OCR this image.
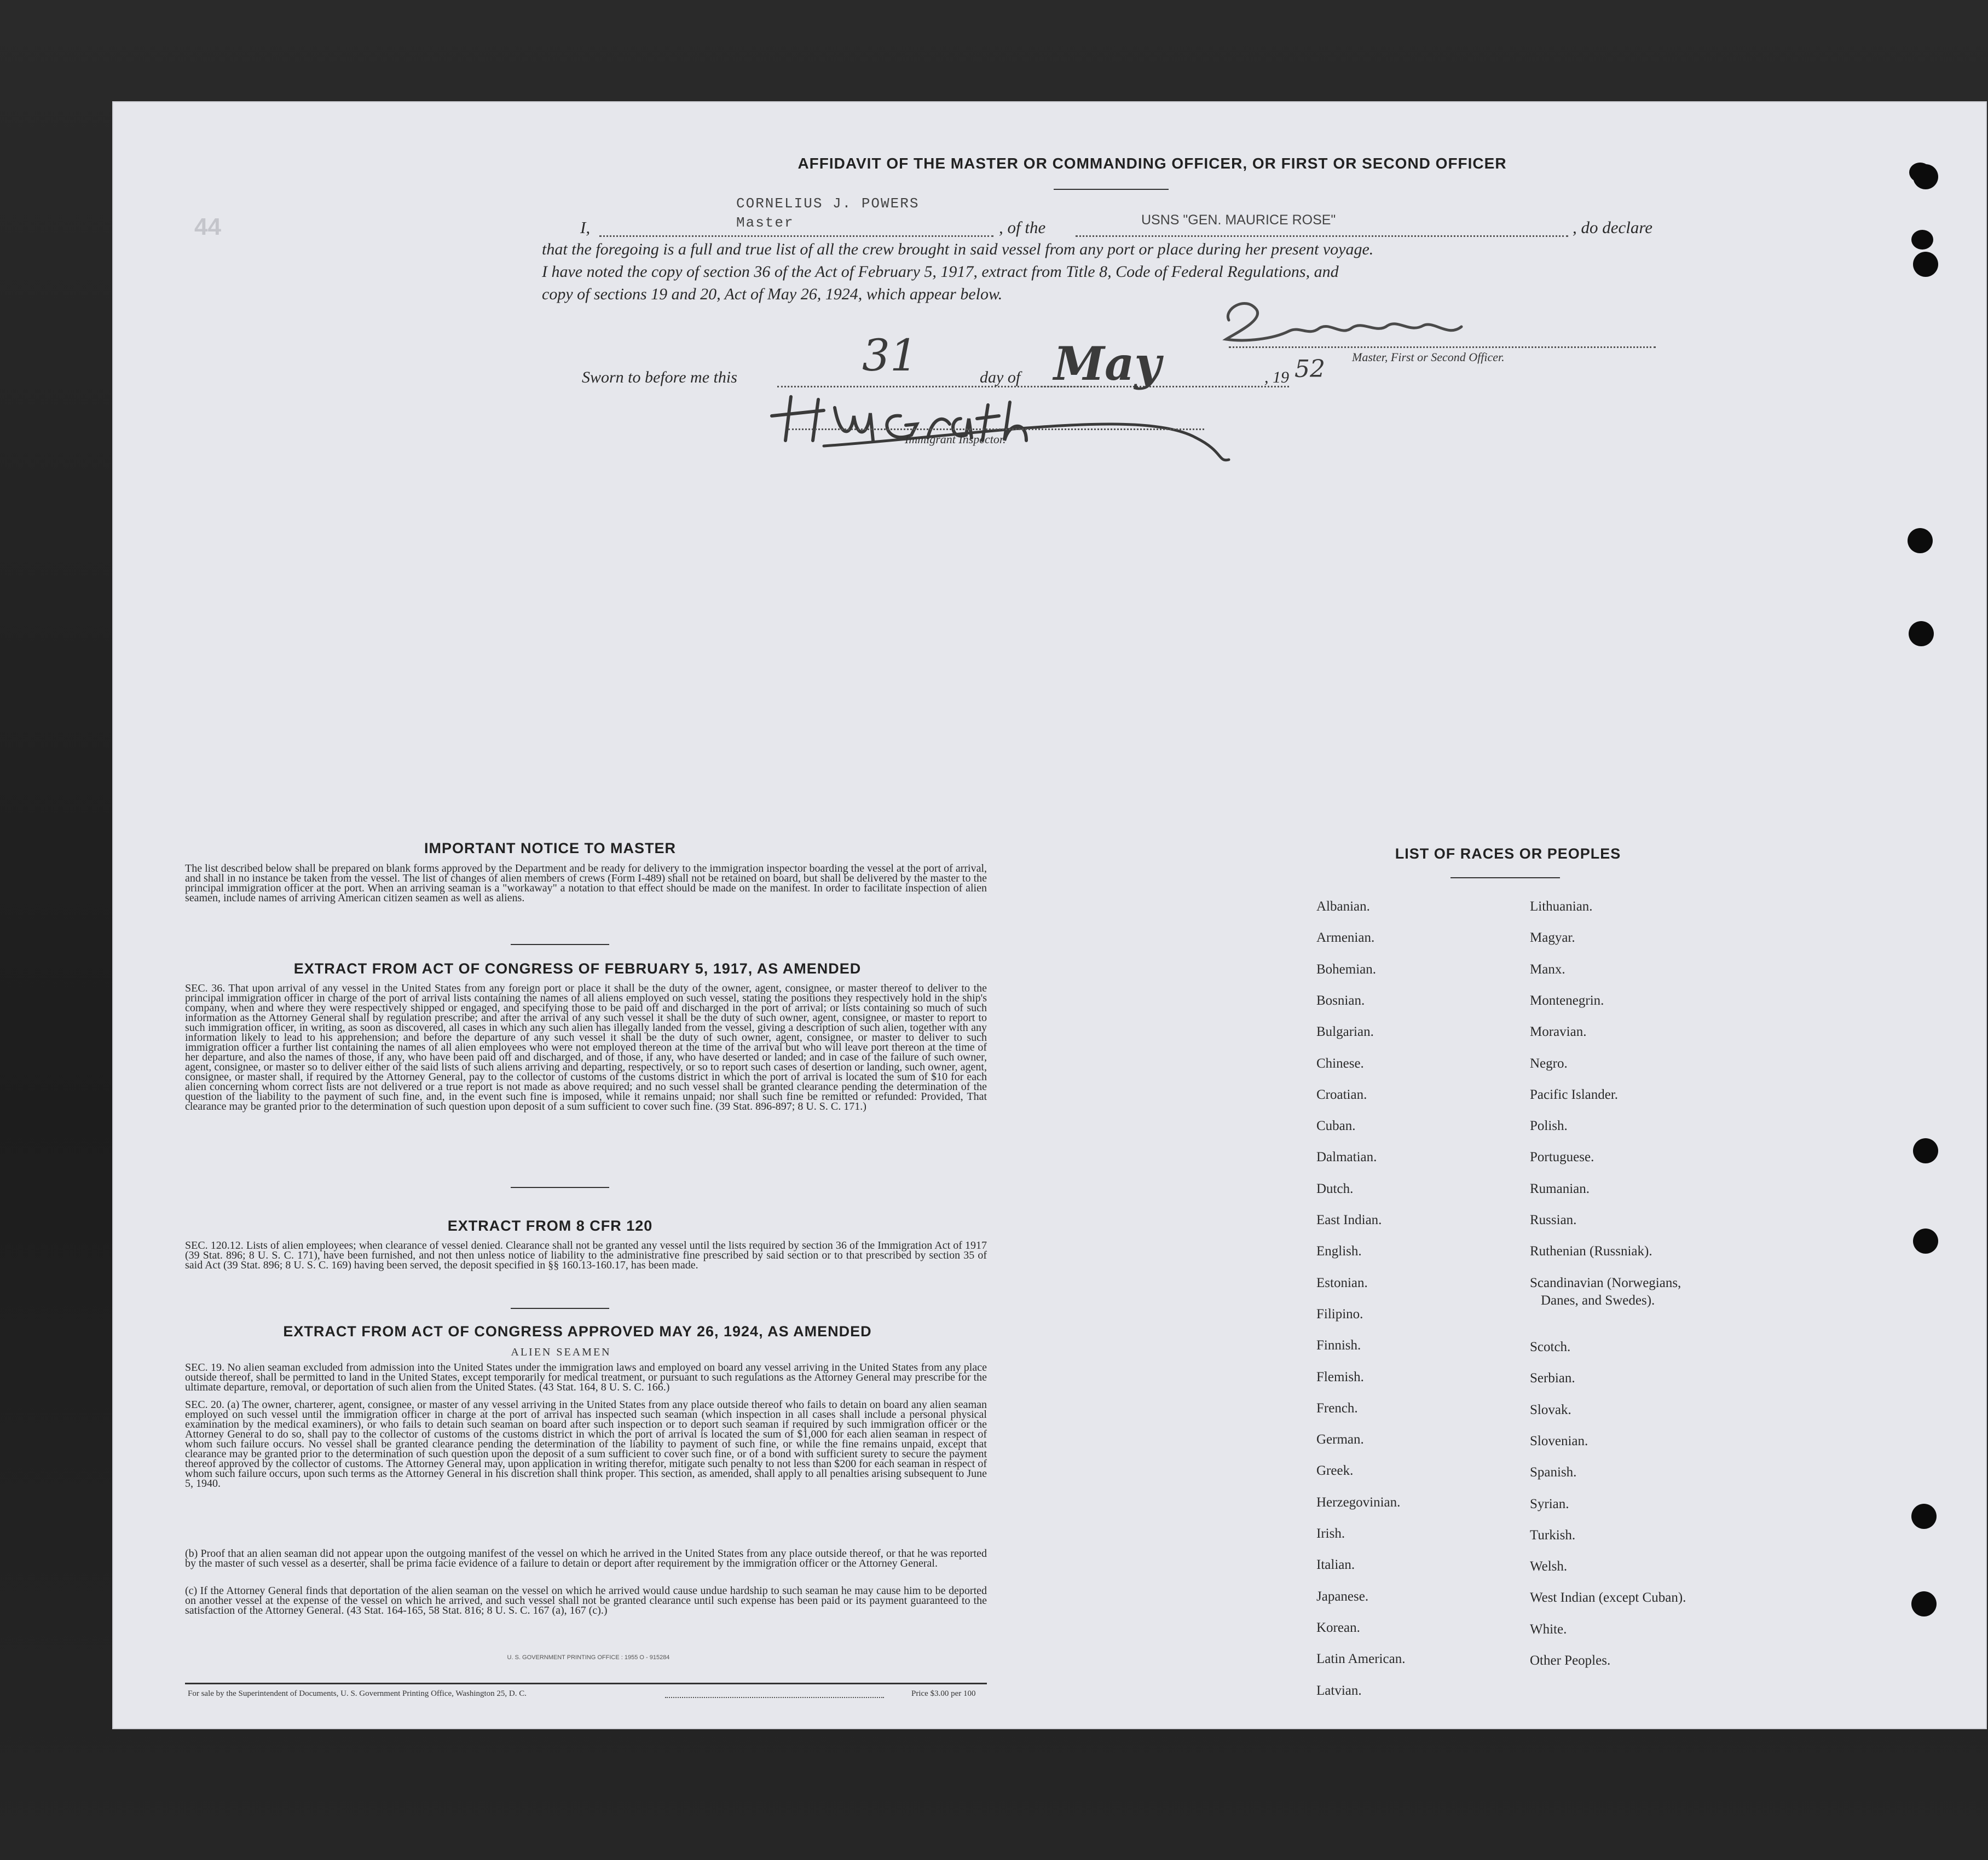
44
AFFIDAVIT OF THE MASTER OR COMMANDING OFFICER, OR FIRST OR SECOND OFFICER
I,
CORNELIUS J. POWERS
Master	, of the	USNS "GEN. MAURICE ROSE"	, do declare
that the foregoing is a full and true list of all the crew brought in said vessel from any port or place during her present voyage.
I have noted the copy of section 36 of the Act of February 5, 1917, extract from Title 8, Code of Federal Regulations, and
copy of sections 19 and 20, Act of May 26, 1924, which appear below.
Master, First or Second Officer.
Sworn to before me this	day of	, 19
31	May	52
Immigrant Inspector.
IMPORTANT NOTICE TO MASTER
The list described below shall be prepared on blank forms approved by the Department and be ready for delivery to the immigration inspector boarding the vessel at the port of arrival, and shall in no instance be taken from the vessel. The list of changes of alien members of crews (Form I-489) shall not be retained on board, but shall be delivered by the master to the principal immigration officer at the port. When an arriving seaman is a "workaway" a notation to that effect should be made on the manifest. In order to facilitate inspection of alien seamen, include names of arriving American citizen seamen as well as aliens.
EXTRACT FROM ACT OF CONGRESS OF FEBRUARY 5, 1917, AS AMENDED
SEC. 36. That upon arrival of any vessel in the United States from any foreign port or place it shall be the duty of the owner, agent, consignee, or master thereof to deliver to the principal immigration officer in charge of the port of arrival lists containing the names of all aliens employed on such vessel, stating the positions they respectively hold in the ship's company, when and where they were respectively shipped or engaged, and specifying those to be paid off and discharged in the port of arrival; or lists containing so much of such information as the Attorney General shall by regulation prescribe; and after the arrival of any such vessel it shall be the duty of such owner, agent, consignee, or master to report to such immigration officer, in writing, as soon as discovered, all cases in which any such alien has illegally landed from the vessel, giving a description of such alien, together with any information likely to lead to his apprehension; and before the departure of any such vessel it shall be the duty of such owner, agent, consignee, or master to deliver to such immigration officer a further list containing the names of all alien employees who were not employed thereon at the time of the arrival but who will leave port thereon at the time of her departure, and also the names of those, if any, who have been paid off and discharged, and of those, if any, who have deserted or landed; and in case of the failure of such owner, agent, consignee, or master so to deliver either of the said lists of such aliens arriving and departing, respectively, or so to report such cases of desertion or landing, such owner, agent, consignee, or master shall, if required by the Attorney General, pay to the collector of customs of the customs district in which the port of arrival is located the sum of $10 for each alien concerning whom correct lists are not delivered or a true report is not made as above required; and no such vessel shall be granted clearance pending the determination of the question of the liability to the payment of such fine, and, in the event such fine is imposed, while it remains unpaid; nor shall such fine be remitted or refunded: Provided, That clearance may be granted prior to the determination of such question upon deposit of a sum sufficient to cover such fine. (39 Stat. 896-897; 8 U. S. C. 171.)
EXTRACT FROM 8 CFR 120
SEC. 120.12. Lists of alien employees; when clearance of vessel denied. Clearance shall not be granted any vessel until the lists required by section 36 of the Immigration Act of 1917 (39 Stat. 896; 8 U. S. C. 171), have been furnished, and not then unless notice of liability to the administrative fine prescribed by said section or to that prescribed by section 35 of said Act (39 Stat. 896; 8 U. S. C. 169) having been served, the deposit specified in §§ 160.13-160.17, has been made.
EXTRACT FROM ACT OF CONGRESS APPROVED MAY 26, 1924, AS AMENDED
ALIEN SEAMEN
SEC. 19. No alien seaman excluded from admission into the United States under the immigration laws and employed on board any vessel arriving in the United States from any place outside thereof, shall be permitted to land in the United States, except temporarily for medical treatment, or pursuant to such regulations as the Attorney General may prescribe for the ultimate departure, removal, or deportation of such alien from the United States. (43 Stat. 164, 8 U. S. C. 166.)
SEC. 20. (a) The owner, charterer, agent, consignee, or master of any vessel arriving in the United States from any place outside thereof who fails to detain on board any alien seaman employed on such vessel until the immigration officer in charge at the port of arrival has inspected such seaman (which inspection in all cases shall include a personal physical examination by the medical examiners), or who fails to detain such seaman on board after such inspection or to deport such seaman if required by such immigration officer or the Attorney General to do so, shall pay to the collector of customs of the customs district in which the port of arrival is located the sum of $1,000 for each alien seaman in respect of whom such failure occurs. No vessel shall be granted clearance pending the determination of the liability to payment of such fine, or while the fine remains unpaid, except that clearance may be granted prior to the determination of such question upon the deposit of a sum sufficient to cover such fine, or of a bond with sufficient surety to secure the payment thereof approved by the collector of customs. The Attorney General may, upon application in writing therefor, mitigate such penalty to not less than $200 for each seaman in respect of whom such failure occurs, upon such terms as the Attorney General in his discretion shall think proper. This section, as amended, shall apply to all penalties arising subsequent to June 5, 1940.
(b) Proof that an alien seaman did not appear upon the outgoing manifest of the vessel on which he arrived in the United States from any place outside thereof, or that he was reported by the master of such vessel as a deserter, shall be prima facie evidence of a failure to detain or deport after requirement by the immigration officer or the Attorney General.
(c) If the Attorney General finds that deportation of the alien seaman on the vessel on which he arrived would cause undue hardship to such seaman he may cause him to be deported on another vessel at the expense of the vessel on which he arrived, and such vessel shall not be granted clearance until such expense has been paid or its payment guaranteed to the satisfaction of the Attorney General. (43 Stat. 164-165, 58 Stat. 816; 8 U. S. C. 167 (a), 167 (c).)
U. S. GOVERNMENT PRINTING OFFICE : 1955 O - 915284
For sale by the Superintendent of Documents, U. S. Government Printing Office, Washington 25, D. C.	Price $3.00 per 100
LIST OF RACES OR PEOPLES
Albanian.
Armenian.
Bohemian.
Bosnian.
Bulgarian.
Chinese.
Croatian.
Cuban.
Dalmatian.
Dutch.
East Indian.
English.
Estonian.
Filipino.
Finnish.
Flemish.
French.
German.
Greek.
Herzegovinian.
Irish.
Italian.
Japanese.
Korean.
Latin American.
Latvian.
Lithuanian.
Magyar.
Manx.
Montenegrin.
Moravian.
Negro.
Pacific Islander.
Polish.
Portuguese.
Rumanian.
Russian.
Ruthenian (Russniak).
Scandinavian (Norwegians,
Danes, and Swedes).
Scotch.
Serbian.
Slovak.
Slovenian.
Spanish.
Syrian.
Turkish.
Welsh.
West Indian (except Cuban).
White.
Other Peoples.
